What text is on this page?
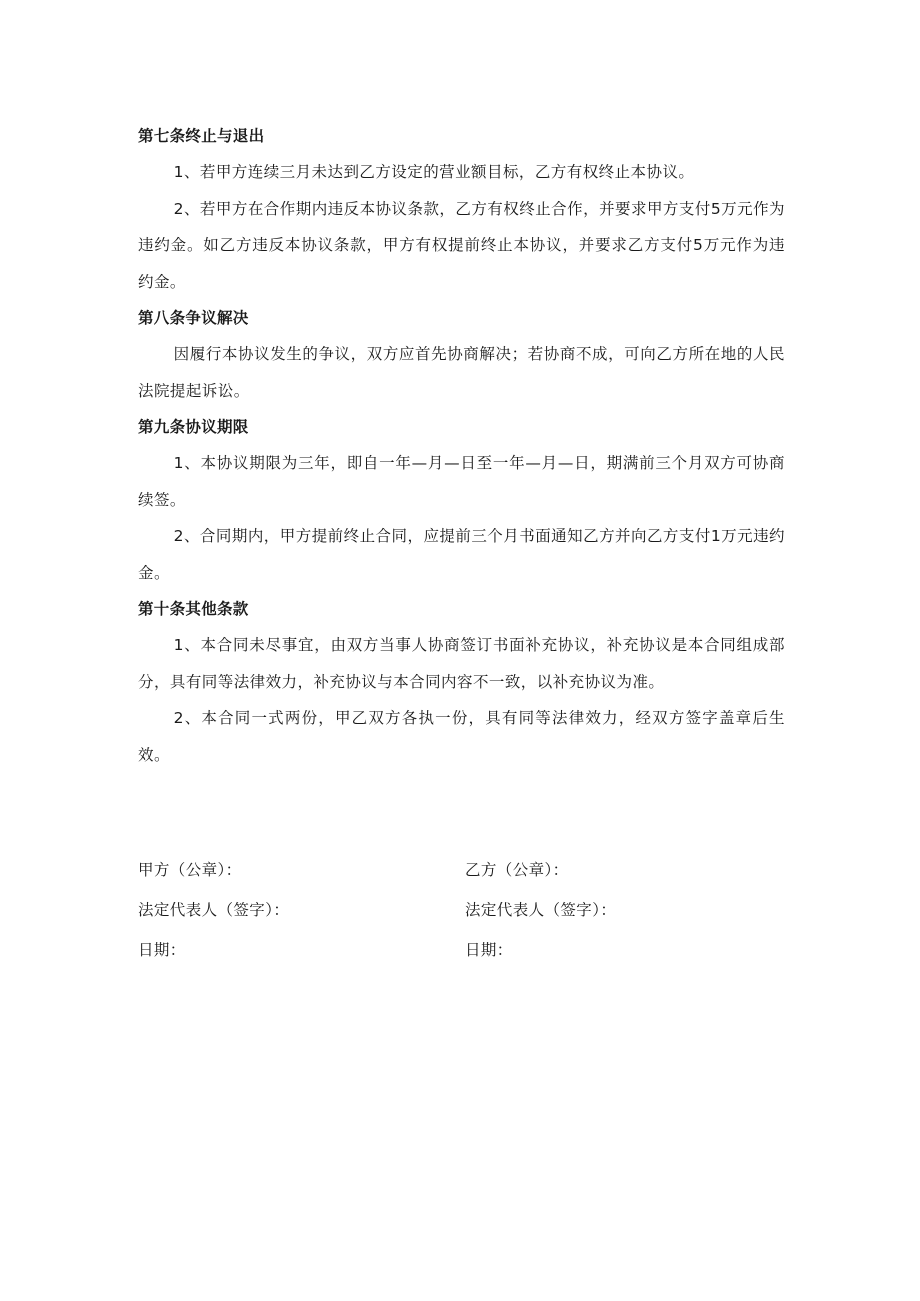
第七条终止与退出

1、若甲方连续三月未达到乙方设定的营业额目标，乙方有权终止本协议。

2、若甲方在合作期内违反本协议条款，乙方有权终止合作，并要求甲方支付5万元作为违约金。如乙方违反本协议条款，甲方有权提前终止本协议，并要求乙方支付5万元作为违约金。

第八条争议解决

因履行本协议发生的争议，双方应首先协商解决；若协商不成，可向乙方所在地的人民法院提起诉讼。

第九条协议期限

1、本协议期限为三年，即自一年—月—日至一年—月—日，期满前三个月双方可协商续签。

2、合同期内，甲方提前终止合同，应提前三个月书面通知乙方并向乙方支付1万元违约金。

第十条其他条款

1、本合同未尽事宜，由双方当事人协商签订书面补充协议，补充协议是本合同组成部分，具有同等法律效力，补充协议与本合同内容不一致，以补充协议为准。

2、本合同一式两份，甲乙双方各执一份，具有同等法律效力，经双方签字盖章后生效。

甲方（公章）：

法定代表人（签字）：

日期：

乙方（公章）：

法定代表人（签字）：

日期：
